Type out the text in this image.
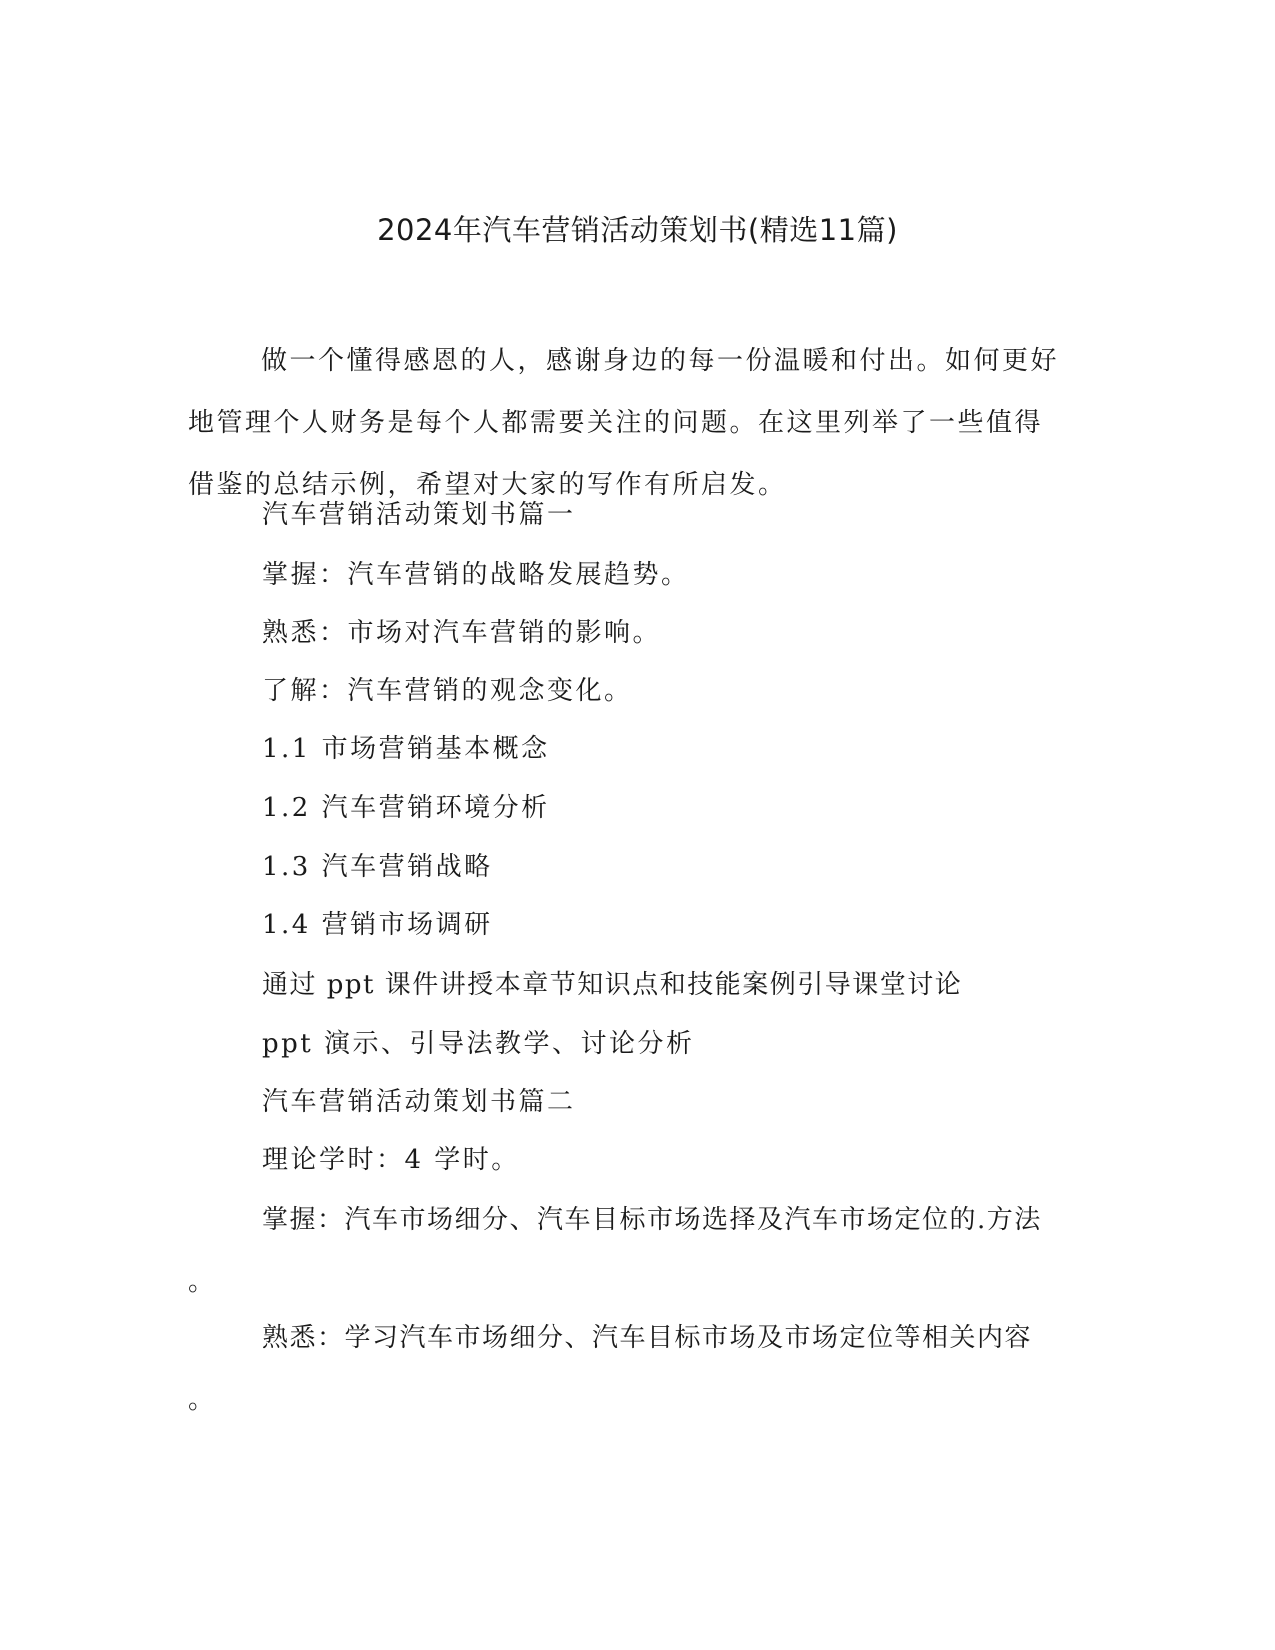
2024年汽车营销活动策划书(精选11篇)

做一个懂得感恩的人，感谢身边的每一份温暖和付出。如何更好地管理个人财务是每个人都需要关注的问题。在这里列举了一些值得借鉴的总结示例，希望对大家的写作有所启发。

汽车营销活动策划书篇一

掌握：汽车营销的战略发展趋势。

熟悉：市场对汽车营销的影响。

了解：汽车营销的观念变化。

1.1 市场营销基本概念

1.2 汽车营销环境分析

1.3 汽车营销战略

1.4 营销市场调研

通过 ppt 课件讲授本章节知识点和技能案例引导课堂讨论

ppt 演示、引导法教学、讨论分析

汽车营销活动策划书篇二

理论学时：4 学时。

掌握：汽车市场细分、汽车目标市场选择及汽车市场定位的.方法

。

熟悉：学习汽车市场细分、汽车目标市场及市场定位等相关内容

。
